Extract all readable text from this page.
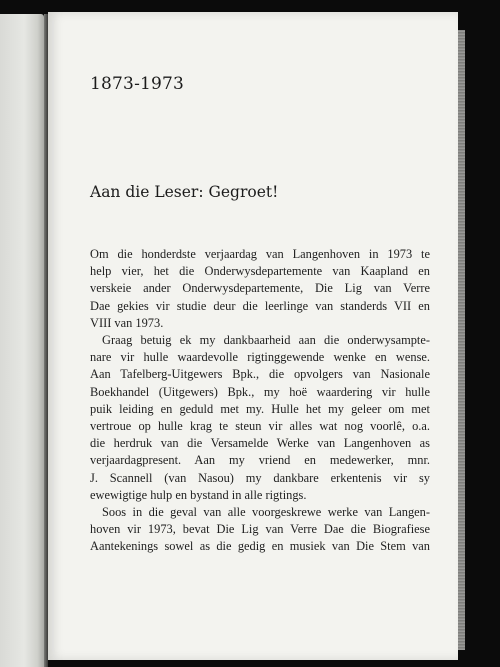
1873-1973

Aan die Leser: Gegroet!
Om die honderdste verjaardag van Langenhoven in 1973 te
help vier, het die Onderwysdepartemente van Kaapland en
verskeie ander Onderwysdepartemente, Die Lig van Verre
Dae gekies vir studie deur die leerlinge van standerds VII en
VIII van 1973.
Graag betuig ek my dankbaarheid aan die onderwysampte-
nare vir hulle waardevolle rigtinggewende wenke en wense.
Aan Tafelberg-Uitgewers Bpk., die opvolgers van Nasionale
Boekhandel (Uitgewers) Bpk., my hoë waardering vir hulle
puik leiding en geduld met my. Hulle het my geleer om met
vertroue op hulle krag te steun vir alles wat nog voorlê, o.a.
die herdruk van die Versamelde Werke van Langenhoven as
verjaardagpresent. Aan my vriend en medewerker, mnr.
J. Scannell (van Nasou) my dankbare erkentenis vir sy
ewewigtige hulp en bystand in alle rigtings.
Soos in die geval van alle voorgeskrewe werke van Langen-
hoven vir 1973, bevat Die Lig van Verre Dae die Biografiese
Aantekenings sowel as die gedig en musiek van Die Stem van
